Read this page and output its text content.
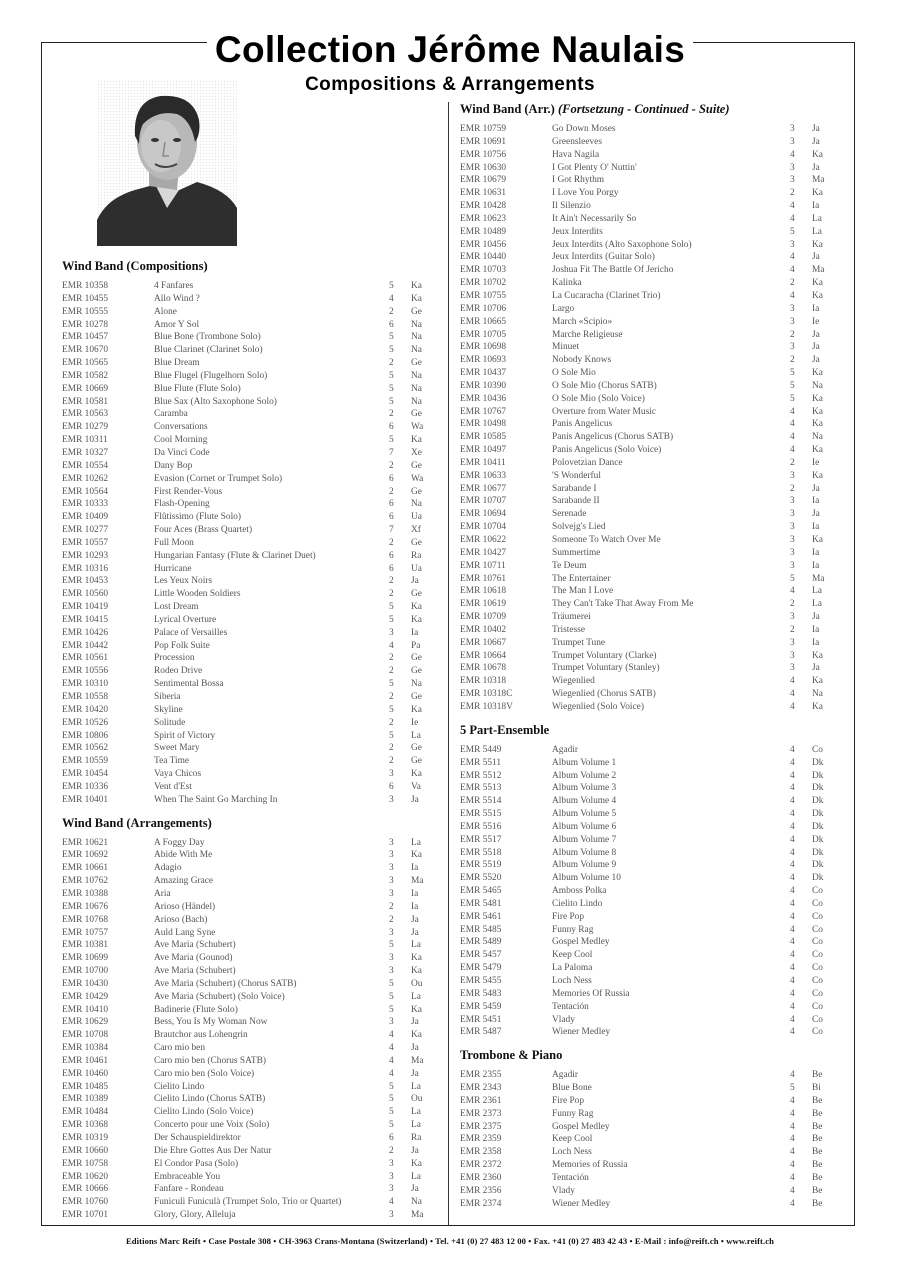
Collection Jérôme Naulais
Compositions & Arrangements
Wind Band (Compositions)
EMR 10358	4 Fanfares	5	Ka
EMR 10455	Allo Wind ?	4	Ka
EMR 10555	Alone	2	Ge
EMR 10278	Amor Y Sol	6	Na
EMR 10457	Blue Bone (Trombone Solo)	5	Na
EMR 10670	Blue Clarinet (Clarinet Solo)	5	Na
EMR 10565	Blue Dream	2	Ge
EMR 10582	Blue Flugel (Flugelhorn Solo)	5	Na
EMR 10669	Blue Flute (Flute Solo)	5	Na
EMR 10581	Blue Sax (Alto Saxophone Solo)	5	Na
EMR 10563	Caramba	2	Ge
EMR 10279	Conversations	6	Wa
EMR 10311	Cool Morning	5	Ka
EMR 10327	Da Vinci Code	7	Xe
EMR 10554	Dany Bop	2	Ge
EMR 10262	Evasion (Cornet or Trumpet Solo)	6	Wa
EMR 10564	First Render-Vous	2	Ge
EMR 10333	Flash-Opening	6	Na
EMR 10409	Flûtissimo (Flute Solo)	6	Ua
EMR 10277	Four Aces (Brass Quartet)	7	Xf
EMR 10557	Full Moon	2	Ge
EMR 10293	Hungarian Fantasy (Flute & Clarinet Duet)	6	Ra
EMR 10316	Hurricane	6	Ua
EMR 10453	Les Yeux Noirs	2	Ja
EMR 10560	Little Wooden Soldiers	2	Ge
EMR 10419	Lost Dream	5	Ka
EMR 10415	Lyrical Overture	5	Ka
EMR 10426	Palace of Versailles	3	Ia
EMR 10442	Pop Folk Suite	4	Pa
EMR 10561	Procession	2	Ge
EMR 10556	Rodeo Drive	2	Ge
EMR 10310	Sentimental Bossa	5	Na
EMR 10558	Siberia	2	Ge
EMR 10420	Skyline	5	Ka
EMR 10526	Solitude	2	Ie
EMR 10806	Spirit of Victory	5	La
EMR 10562	Sweet Mary	2	Ge
EMR 10559	Tea Time	2	Ge
EMR 10454	Vaya Chicos	3	Ka
EMR 10336	Vent d'Est	6	Va
EMR 10401	When The Saint Go Marching In	3	Ja
Wind Band (Arrangements)
EMR 10621	A Foggy Day	3	La
EMR 10692	Abide With Me	3	Ka
EMR 10661	Adagio	3	Ia
EMR 10762	Amazing Grace	3	Ma
EMR 10388	Aria	3	Ia
EMR 10676	Arioso (Händel)	2	Ia
EMR 10768	Arioso (Bach)	2	Ja
EMR 10757	Auld Lang Syne	3	Ja
EMR 10381	Ave Maria (Schubert)	5	La
EMR 10699	Ave Maria (Gounod)	3	Ka
EMR 10700	Ave Maria (Schubert)	3	Ka
EMR 10430	Ave Maria (Schubert) (Chorus SATB)	5	Ou
EMR 10429	Ave Maria (Schubert) (Solo Voice)	5	La
EMR 10410	Badinerie (Flute Solo)	5	Ka
EMR 10629	Bess, You Is My Woman Now	3	Ja
EMR 10708	Brautchor aus Lohengrin	4	Ka
EMR 10384	Caro mio ben	4	Ja
EMR 10461	Caro mio ben (Chorus SATB)	4	Ma
EMR 10460	Caro mio ben (Solo Voice)	4	Ja
EMR 10485	Cielito Lindo	5	La
EMR 10389	Cielito Lindo (Chorus SATB)	5	Ou
EMR 10484	Cielito Lindo (Solo Voice)	5	La
EMR 10368	Concerto pour une Voix (Solo)	5	La
EMR 10319	Der Schauspieldirektor	6	Ra
EMR 10660	Die Ehre Gottes Aus Der Natur	2	Ja
EMR 10758	El Condor Pasa (Solo)	3	Ka
EMR 10620	Embraceable You	3	La
EMR 10666	Fanfare - Rondeau	3	Ja
EMR 10760	Funiculì Funiculà (Trumpet Solo, Trio or Quartet)	4	Na
EMR 10701	Glory, Glory, Alleluja	3	Ma
Wind Band (Arr.) (Fortsetzung - Continued - Suite)
EMR 10759	Go Down Moses	3	Ja
EMR 10691	Greensleeves	3	Ja
EMR 10756	Hava Nagila	4	Ka
EMR 10630	I Got Plenty O' Nuttin'	3	Ja
EMR 10679	I Got Rhythm	3	Ma
EMR 10631	I Love You Porgy	2	Ka
EMR 10428	Il Silenzio	4	Ia
EMR 10623	It Ain't Necessarily So	4	La
EMR 10489	Jeux Interdits	5	La
EMR 10456	Jeux Interdits (Alto Saxophone Solo)	3	Ka
EMR 10440	Jeux Interdits (Guitar Solo)	4	Ja
EMR 10703	Joshua Fit The Battle Of Jericho	4	Ma
EMR 10702	Kalinka	2	Ka
EMR 10755	La Cucaracha (Clarinet Trio)	4	Ka
EMR 10706	Largo	3	Ia
EMR 10665	March «Scipio»	3	Ie
EMR 10705	Marche Religieuse	2	Ja
EMR 10698	Minuet	3	Ja
EMR 10693	Nobody Knows	2	Ja
EMR 10437	O Sole Mio	5	Ka
EMR 10390	O Sole Mio (Chorus SATB)	5	Na
EMR 10436	O Sole Mio (Solo Voice)	5	Ka
EMR 10767	Overture from Water Music	4	Ka
EMR 10498	Panis Angelicus	4	Ka
EMR 10585	Panis Angelicus (Chorus SATB)	4	Na
EMR 10497	Panis Angelicus (Solo Voice)	4	Ka
EMR 10411	Polovetzian Dance	2	Ie
EMR 10633	'S Wonderful	3	Ka
EMR 10677	Sarabande I	2	Ja
EMR 10707	Sarabande II	3	Ia
EMR 10694	Serenade	3	Ja
EMR 10704	Solvejg's Lied	3	Ia
EMR 10622	Someone To Watch Over Me	3	Ka
EMR 10427	Summertime	3	Ia
EMR 10711	Te Deum	3	Ia
EMR 10761	The Entertainer	5	Ma
EMR 10618	The Man I Love	4	La
EMR 10619	They Can't Take That Away From Me	2	La
EMR 10709	Träumerei	3	Ja
EMR 10402	Tristesse	2	Ia
EMR 10667	Trumpet Tune	3	Ia
EMR 10664	Trumpet Voluntary (Clarke)	3	Ka
EMR 10678	Trumpet Voluntary (Stanley)	3	Ja
EMR 10318	Wiegenlied	4	Ka
EMR 10318C	Wiegenlied (Chorus SATB)	4	Na
EMR 10318V	Wiegenlied (Solo Voice)	4	Ka
5 Part-Ensemble
EMR 5449	Agadir	4	Co
EMR 5511	Album Volume 1	4	Dk
EMR 5512	Album Volume 2	4	Dk
EMR 5513	Album Volume 3	4	Dk
EMR 5514	Album Volume 4	4	Dk
EMR 5515	Album Volume 5	4	Dk
EMR 5516	Album Volume 6	4	Dk
EMR 5517	Album Volume 7	4	Dk
EMR 5518	Album Volume 8	4	Dk
EMR 5519	Album Volume 9	4	Dk
EMR 5520	Album Volume 10	4	Dk
EMR 5465	Amboss Polka	4	Co
EMR 5481	Cielito Lindo	4	Co
EMR 5461	Fire Pop	4	Co
EMR 5485	Funny Rag	4	Co
EMR 5489	Gospel Medley	4	Co
EMR 5457	Keep Cool	4	Co
EMR 5479	La Paloma	4	Co
EMR 5455	Loch Ness	4	Co
EMR 5483	Memories Of Russia	4	Co
EMR 5459	Tentación	4	Co
EMR 5451	Vlady	4	Co
EMR 5487	Wiener Medley	4	Co
Trombone & Piano
EMR 2355	Agadir	4	Be
EMR 2343	Blue Bone	5	Bi
EMR 2361	Fire Pop	4	Be
EMR 2373	Funny Rag	4	Be
EMR 2375	Gospel Medley	4	Be
EMR 2359	Keep Cool	4	Be
EMR 2358	Loch Ness	4	Be
EMR 2372	Memories of Russia	4	Be
EMR 2360	Tentación	4	Be
EMR 2356	Vlady	4	Be
EMR 2374	Wiener Medley	4	Be
Editions Marc Reift • Case Postale 308 • CH-3963 Crans-Montana (Switzerland) • Tel. +41 (0) 27 483 12 00 • Fax. +41 (0) 27 483 42 43 • E-Mail : info@reift.ch • www.reift.ch
